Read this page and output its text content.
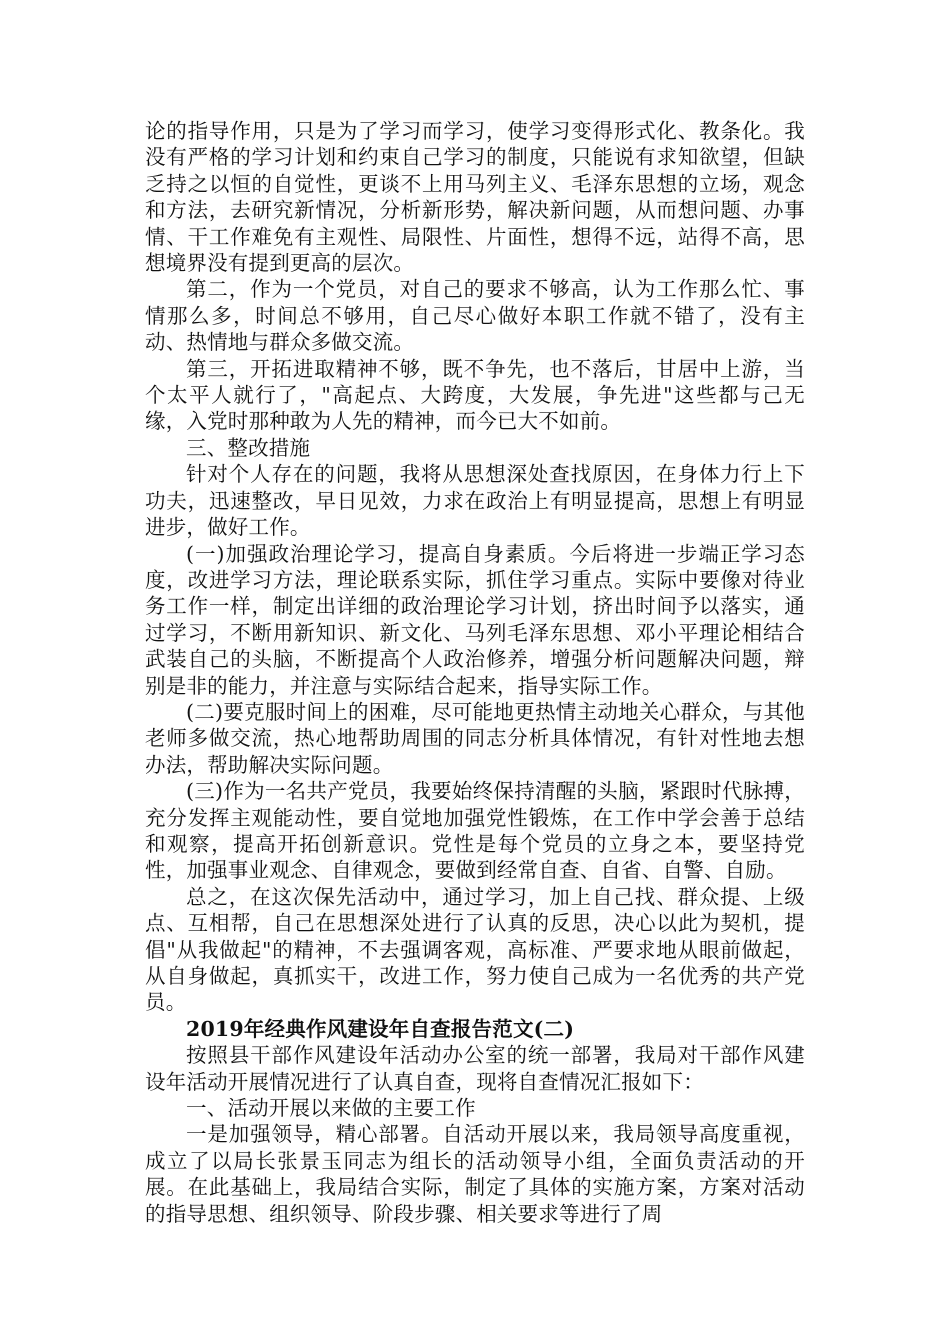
论的指导作用，只是为了学习而学习，使学习变得形式化、教条化。我没有严格的学习计划和约束自己学习的制度，只能说有求知欲望，但缺乏持之以恒的自觉性，更谈不上用马列主义、毛泽东思想的立场，观念和方法，去研究新情况，分析新形势，解决新问题，从而想问题、办事情、干工作难免有主观性、局限性、片面性，想得不远，站得不高，思想境界没有提到更高的层次。

第二，作为一个党员，对自己的要求不够高，认为工作那么忙、事情那么多，时间总不够用，自己尽心做好本职工作就不错了，没有主动、热情地与群众多做交流。

第三，开拓进取精神不够，既不争先，也不落后，甘居中上游，当个太平人就行了，"高起点、大跨度，大发展，争先进"这些都与己无缘，入党时那种敢为人先的精神，而今已大不如前。

三、整改措施

针对个人存在的问题，我将从思想深处查找原因，在身体力行上下功夫，迅速整改，早日见效，力求在政治上有明显提高，思想上有明显进步，做好工作。

(一)加强政治理论学习，提高自身素质。今后将进一步端正学习态度，改进学习方法，理论联系实际，抓住学习重点。实际中要像对待业务工作一样，制定出详细的政治理论学习计划，挤出时间予以落实，通过学习，不断用新知识、新文化、马列毛泽东思想、邓小平理论相结合武装自己的头脑，不断提高个人政治修养，增强分析问题解决问题，辩别是非的能力，并注意与实际结合起来，指导实际工作。

(二)要克服时间上的困难，尽可能地更热情主动地关心群众，与其他老师多做交流，热心地帮助周围的同志分析具体情况，有针对性地去想办法，帮助解决实际问题。

(三)作为一名共产党员，我要始终保持清醒的头脑，紧跟时代脉搏，充分发挥主观能动性，要自觉地加强党性锻炼，在工作中学会善于总结和观察，提高开拓创新意识。党性是每个党员的立身之本，要坚持党性，加强事业观念、自律观念，要做到经常自查、自省、自警、自励。

总之，在这次保先活动中，通过学习，加上自己找、群众提、上级点、互相帮，自己在思想深处进行了认真的反思，决心以此为契机，提倡"从我做起"的精神，不去强调客观，高标准、严要求地从眼前做起，从自身做起，真抓实干，改进工作，努力使自己成为一名优秀的共产党员。

2019年经典作风建设年自查报告范文(二)

按照县干部作风建设年活动办公室的统一部署，我局对干部作风建设年活动开展情况进行了认真自查，现将自查情况汇报如下：

一、活动开展以来做的主要工作

一是加强领导，精心部署。自活动开展以来，我局领导高度重视，成立了以局长张景玉同志为组长的活动领导小组，全面负责活动的开展。在此基础上，我局结合实际，制定了具体的实施方案，方案对活动的指导思想、组织领导、阶段步骤、相关要求等进行了周
